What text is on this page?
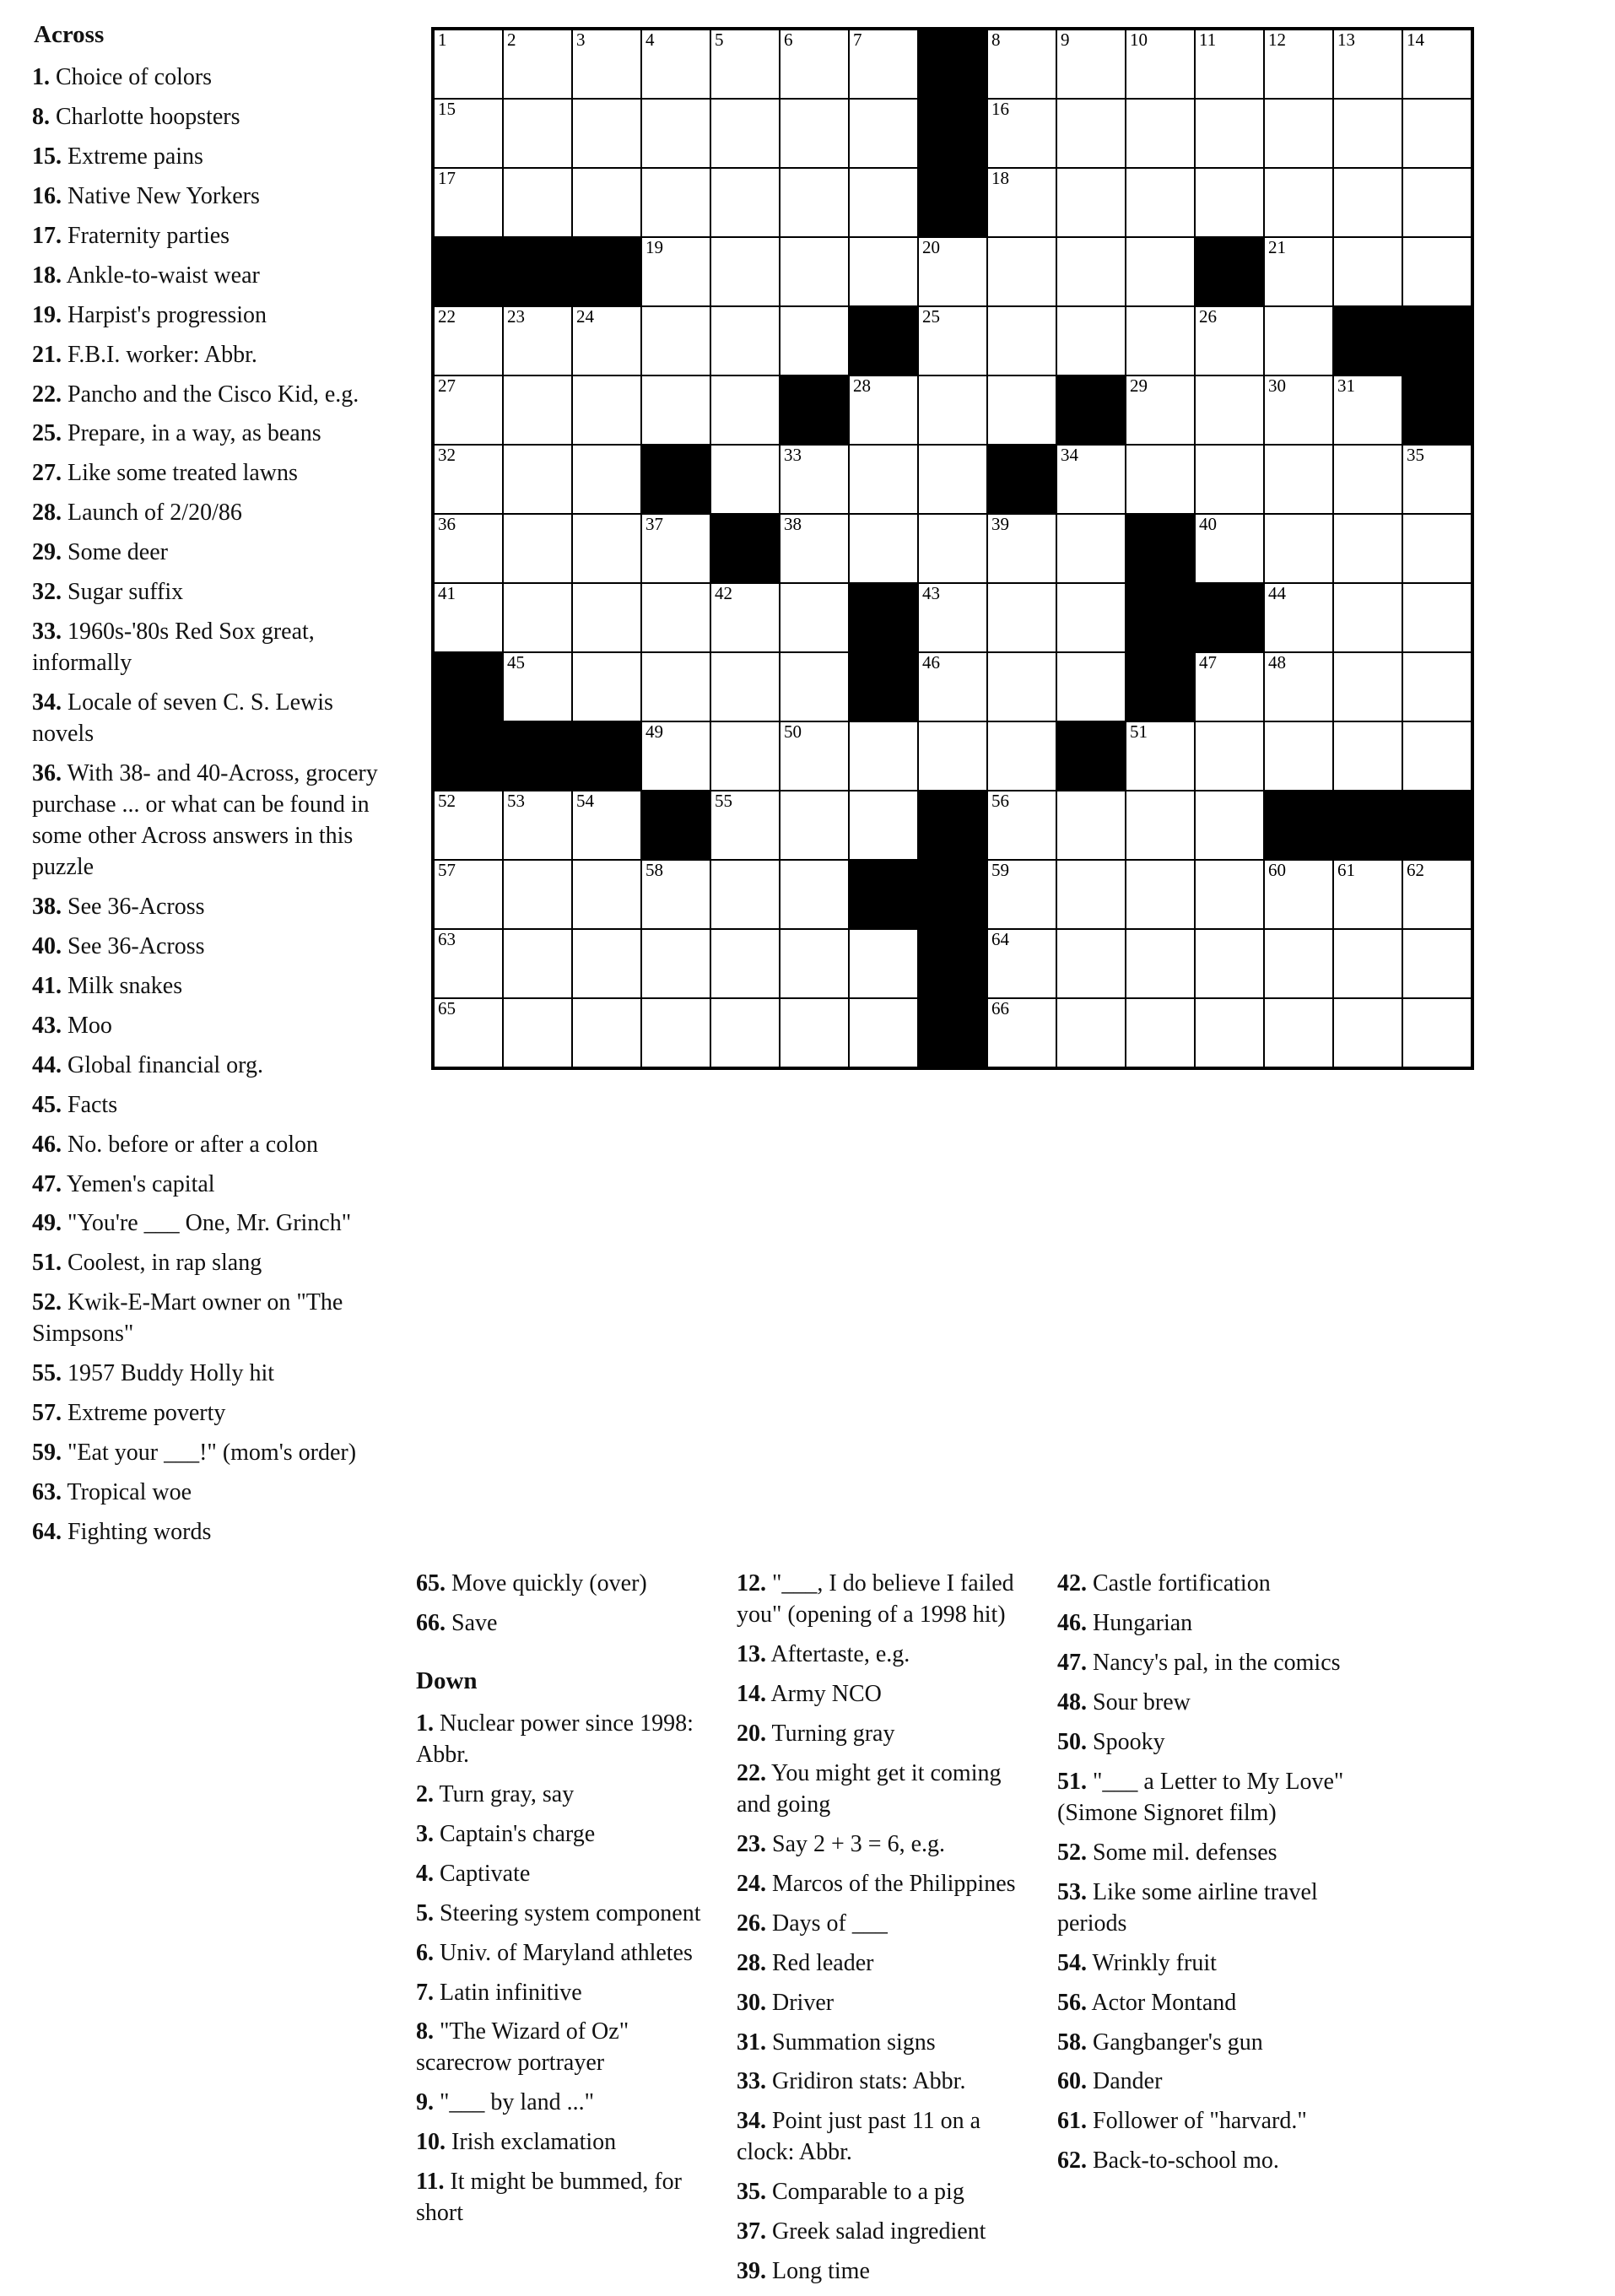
Across

1. Choice of colors

8. Charlotte hoopsters

15. Extreme pains

16. Native New Yorkers

17. Fraternity parties

18. Ankle-to-waist wear

19. Harpist's progression

21. F.B.I. worker: Abbr.

22. Pancho and the Cisco Kid, e.g.

25. Prepare, in a way, as beans

27. Like some treated lawns

28. Launch of 2/20/86

29. Some deer

32. Sugar suffix

33. 1960s-'80s Red Sox great, informally

34. Locale of seven C. S. Lewis novels

36. With 38- and 40-Across, grocery purchase ... or what can be found in some other Across answers in this puzzle

38. See 36-Across

40. See 36-Across

41. Milk snakes

43. Moo

44. Global financial org.

45. Facts

46. No. before or after a colon

47. Yemen's capital

49. "You're ___ One, Mr. Grinch"

51. Coolest, in rap slang

52. Kwik-E-Mart owner on "The Simpsons"

55. 1957 Buddy Holly hit

57. Extreme poverty

59. "Eat your ___!" (mom's order)

63. Tropical woe

64. Fighting words

1	2	3	4	5	6	7		8	9	10	11	12	13	14

15								16						

17								18						

			19				20					21		

22	23	24					25				26			

27						28				29		30	31	

32					33				34					35

36			37		38			39			40			

41				42			43					44		

	45						46				47	48		

			49		50					51				

52	53	54		55				56						

57			58					59				60	61	62

63								64						

65								66						

65. Move quickly (over)

66. Save

Down

1. Nuclear power since 1998: Abbr.

2. Turn gray, say

3. Captain's charge

4. Captivate

5. Steering system component

6. Univ. of Maryland athletes

7. Latin infinitive

8. "The Wizard of Oz" scarecrow portrayer

9. "___ by land ..."

10. Irish exclamation

11. It might be bummed, for short

12. "___, I do believe I failed you" (opening of a 1998 hit)

13. Aftertaste, e.g.

14. Army NCO

20. Turning gray

22. You might get it coming and going

23. Say 2 + 3 = 6, e.g.

24. Marcos of the Philippines

26. Days of ___

28. Red leader

30. Driver

31. Summation signs

33. Gridiron stats: Abbr.

34. Point just past 11 on a clock: Abbr.

35. Comparable to a pig

37. Greek salad ingredient

39. Long time

42. Castle fortification

46. Hungarian

47. Nancy's pal, in the comics

48. Sour brew

50. Spooky

51. "___ a Letter to My Love" (Simone Signoret film)

52. Some mil. defenses

53. Like some airline travel periods

54. Wrinkly fruit

56. Actor Montand

58. Gangbanger's gun

60. Dander

61. Follower of "harvard."

62. Back-to-school mo.
